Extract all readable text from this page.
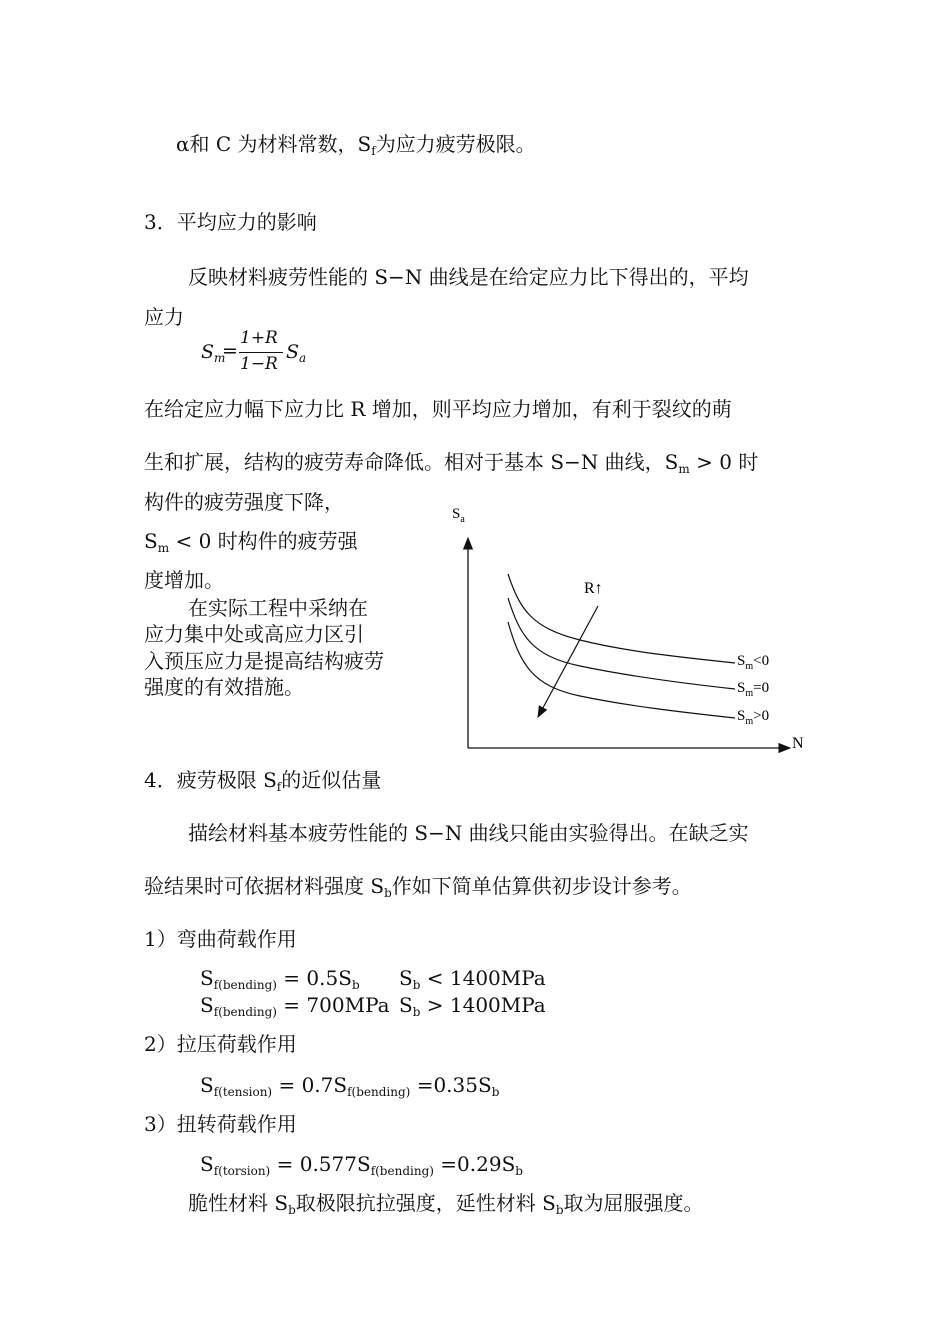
α和 C 为材料常数，$S_f$为应力疲劳极限。
3．平均应力的影响
反映材料疲劳性能的 S−N 曲线是在给定应力比下得出的，平均
应力
$S_m$
=
1+R
1−R
$S_a$
在给定应力幅下应力比 R 增加，则平均应力增加，有利于裂纹的萌
生和扩展，结构的疲劳寿命降低。相对于基本 S−N 曲线，$S_m > 0$ 时
构件的疲劳强度下降，
$S_m < 0$ 时构件的疲劳强
度增加。
在实际工程中采纳在
应力集中处或高应力区引
入预压应力是提高结构疲劳
强度的有效措施。
$S_a$
N
R↑
$S_m<0$
$S_m=0$
$S_m>0$
4．疲劳极限 $S_f$的近似估量
描绘材料基本疲劳性能的 S−N 曲线只能由实验得出。在缺乏实
验结果时可依据材料强度 $S_b$作如下简单估算供初步设计参考。
1）弯曲荷载作用
$S_{f(bending)} = 0.5S_b$ $S_b < 1400MPa$
$S_{f(bending)} = 700MPa$ $S_b > 1400MPa$
2）拉压荷载作用
$S_{f(tension)} = 0.7S_{f(bending)} =0.35S_b$
3）扭转荷载作用
$S_{f(torsion)} = 0.577S_{f(bending)} =0.29S_b$
脆性材料 $S_b$取极限抗拉强度，延性材料 $S_b$取为屈服强度。
